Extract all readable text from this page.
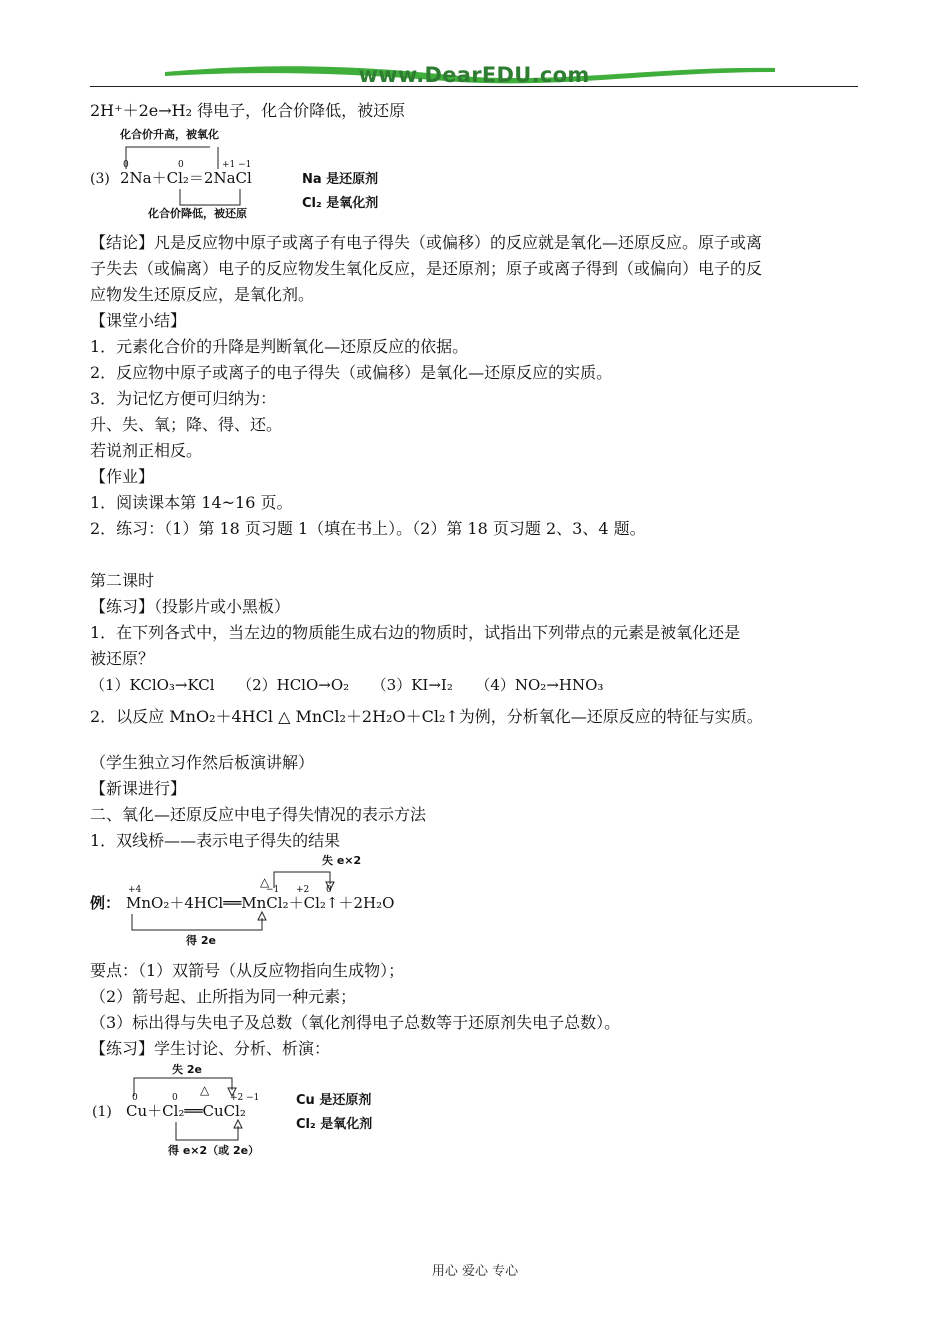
www.DearEDU.com
2H⁺＋2e→H₂ 得电子，化合价降低，被还原
化合价升高，被氧化
0	0	+1 −1
(3) 2Na＋Cl₂＝2NaCl
化合价降低，被还原
Na 是还原剂
Cl₂ 是氧化剂
【结论】凡是反应物中原子或离子有电子得失（或偏移）的反应就是氧化—还原反应。原子或离
子失去（或偏离）电子的反应物发生氧化反应，是还原剂；原子或离子得到（或偏向）电子的反
应物发生还原反应，是氧化剂。
【课堂小结】
1．元素化合价的升降是判断氧化—还原反应的依据。
2．反应物中原子或离子的电子得失（或偏移）是氧化—还原反应的实质。
3．为记忆方便可归纳为：
升、失、氧；降、得、还。
若说剂正相反。
【作业】
1．阅读课本第 14~16 页。
2．练习：（1）第 18 页习题 1（填在书上）。（2）第 18 页习题 2、3、4 题。
第二课时
【练习】（投影片或小黑板）
1．在下列各式中，当左边的物质能生成右边的物质时，试指出下列带点的元素是被氧化还是
被还原？
（1）KClO₃→KCl　　（2）HClO→O₂　　（3）KI→I₂　　（4）NO₂→HNO₃
2．以反应 MnO₂＋4HCl △ MnCl₂＋2H₂O＋Cl₂↑为例，分析氧化—还原反应的特征与实质。
（学生独立习作然后板演讲解）
【新课进行】
二、氧化—还原反应中电子得失情况的表示方法
1．双线桥——表示电子得失的结果
失 e×2
+4	−1
△
+2 0
例： MnO₂＋4HCl══MnCl₂＋Cl₂↑＋2H₂O
得 2e
要点：（1）双箭号（从反应物指向生成物）；
（2）箭号起、止所指为同一种元素；
（3）标出得与失电子及总数（氧化剂得电子总数等于还原剂失电子总数）。
【练习】学生讨论、分析、析演：
失 2e
0	0
△
+2 −1
(1) Cu＋Cl₂══CuCl₂
得 e×2（或 2e）
Cu 是还原剂
Cl₂ 是氧化剂
用心 爱心 专心
